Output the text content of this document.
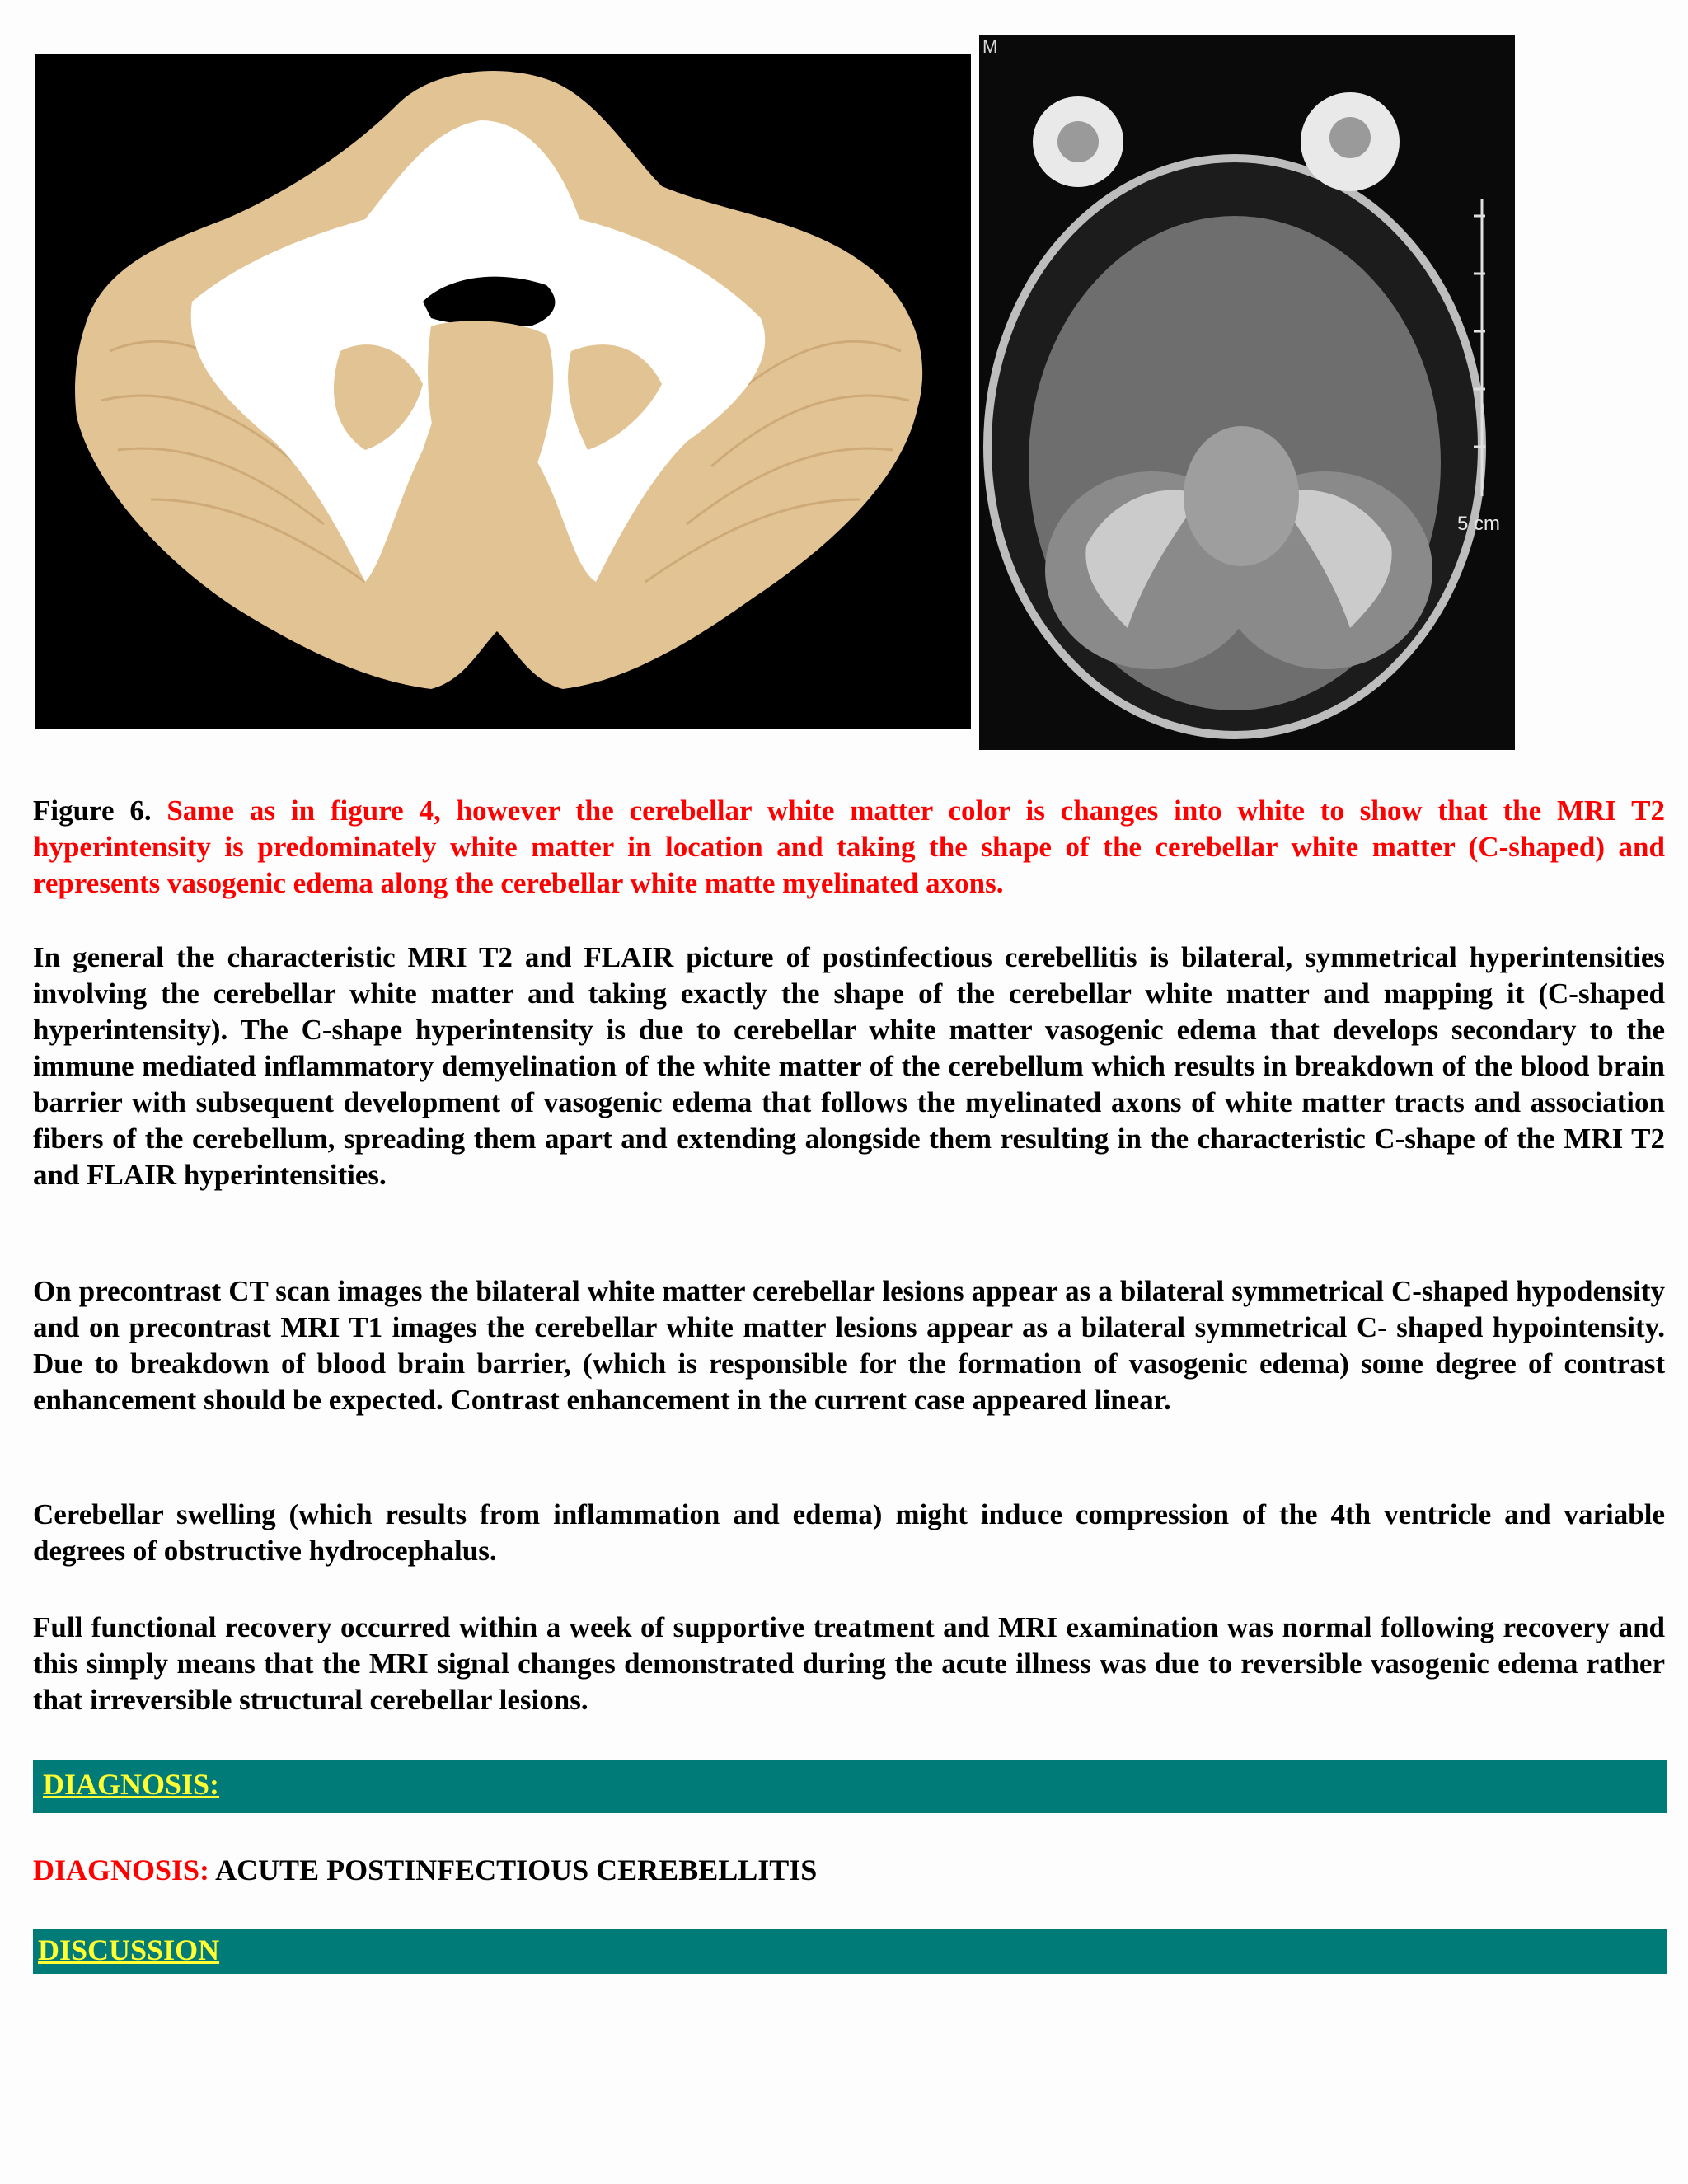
M
5 cm
Figure 6. Same as in figure 4, however the cerebellar white matter color is changes into white to show that the MRI T2 hyperintensity is predominately white matter in location and taking the shape of the cerebellar white matter (C-shaped) and represents vasogenic edema along the cerebellar white matte myelinated axons.
In general the characteristic MRI T2 and FLAIR picture of postinfectious cerebellitis is bilateral, symmetrical hyperintensities involving the cerebellar white matter and taking exactly the shape of the cerebellar white matter and mapping it (C-shaped hyperintensity). The C-shape hyperintensity is due to cerebellar white matter vasogenic edema that develops secondary to the immune mediated inflammatory demyelination of the white matter of the cerebellum which results in breakdown of the blood brain barrier with subsequent development of vasogenic edema that follows the myelinated axons of white matter tracts and association fibers of the cerebellum, spreading them apart and extending alongside them resulting in the characteristic C-shape of the MRI T2 and FLAIR hyperintensities.
On precontrast CT scan images the bilateral white matter cerebellar lesions appear as a bilateral symmetrical C-shaped hypodensity and on precontrast MRI T1 images the cerebellar white matter lesions appear as a bilateral symmetrical C- shaped hypointensity. Due to breakdown of blood brain barrier, (which is responsible for the formation of vasogenic edema) some degree of contrast enhancement should be expected. Contrast enhancement in the current case appeared linear.
Cerebellar swelling (which results from inflammation and edema) might induce compression of the 4th ventricle and variable degrees of obstructive hydrocephalus.
Full functional recovery occurred within a week of supportive treatment and MRI examination was normal following recovery and this simply means that the MRI signal changes demonstrated during the acute illness was due to reversible vasogenic edema rather that irreversible structural cerebellar lesions.
DIAGNOSIS:
DIAGNOSIS: ACUTE POSTINFECTIOUS CEREBELLITIS
DISCUSSION
